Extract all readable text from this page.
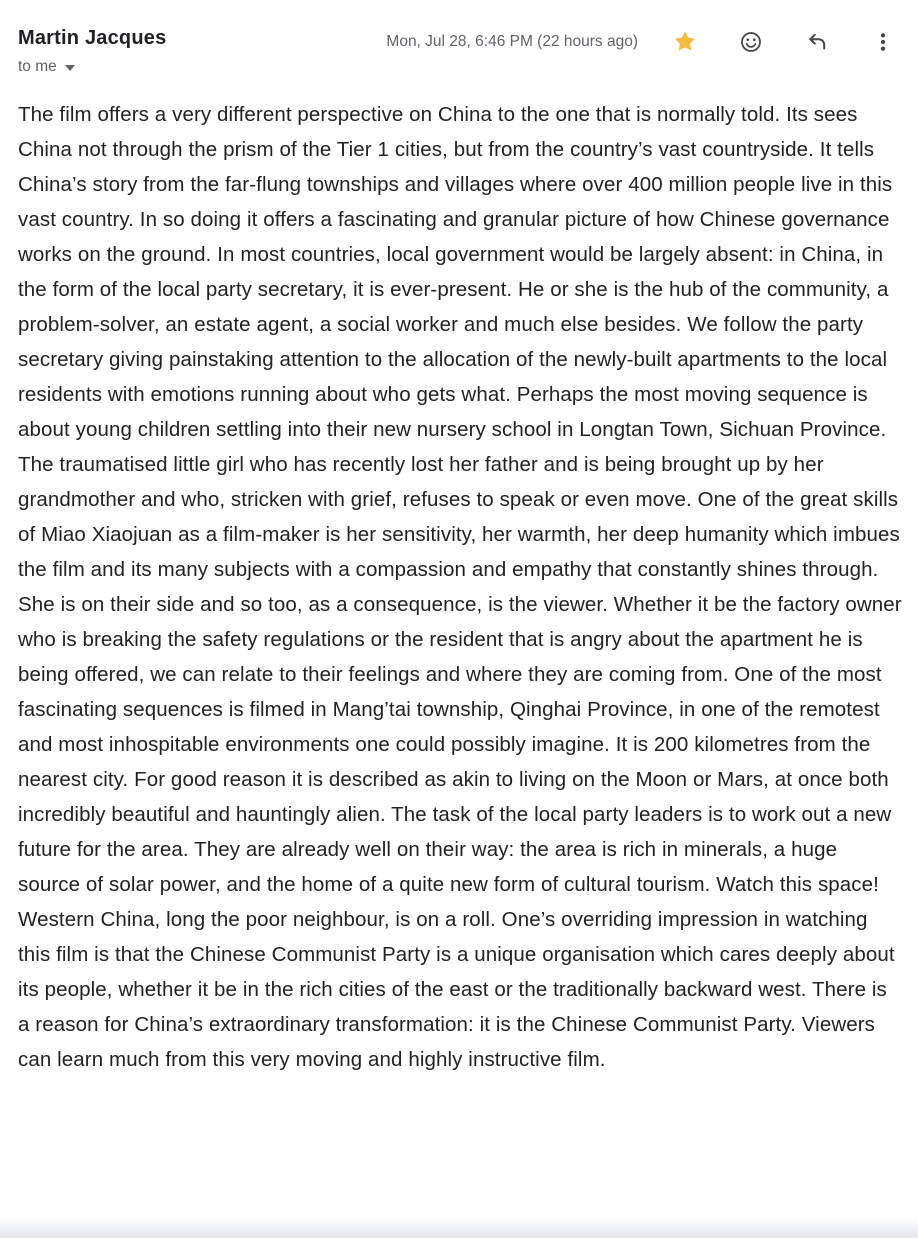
Martin Jacques
to me
Mon, Jul 28, 6:46 PM (22 hours ago)
The film offers a very different perspective on China to the one that is normally told. Its sees China not through the prism of the Tier 1 cities, but from the country’s vast countryside. It tells China’s story from the far-flung townships and villages where over 400 million people live in this vast country. In so doing it offers a fascinating and granular picture of how Chinese governance works on the ground. In most countries, local government would be largely absent: in China, in the form of the local party secretary, it is ever-present. He or she is the hub of the community, a problem-solver, an estate agent, a social worker and much else besides. We follow the party secretary giving painstaking attention to the allocation of the newly-built apartments to the local residents with emotions running about who gets what. Perhaps the most moving sequence is about young children settling into their new nursery school in Longtan Town, Sichuan Province. The traumatised little girl who has recently lost her father and is being brought up by her grandmother and who, stricken with grief, refuses to speak or even move. One of the great skills of Miao Xiaojuan as a film-maker is her sensitivity, her warmth, her deep humanity which imbues the film and its many subjects with a compassion and empathy that constantly shines through. She is on their side and so too, as a consequence, is the viewer. Whether it be the factory owner who is breaking the safety regulations or the resident that is angry about the apartment he is being offered, we can relate to their feelings and where they are coming from. One of the most fascinating sequences is filmed in Mang’tai township, Qinghai Province, in one of the remotest and most inhospitable environments one could possibly imagine. It is 200 kilometres from the nearest city. For good reason it is described as akin to living on the Moon or Mars, at once both incredibly beautiful and hauntingly alien. The task of the local party leaders is to work out a new future for the area. They are already well on their way: the area is rich in minerals, a huge source of solar power, and the home of a quite new form of cultural tourism. Watch this space! Western China, long the poor neighbour, is on a roll. One’s overriding impression in watching this film is that the Chinese Communist Party is a unique organisation which cares deeply about its people, whether it be in the rich cities of the east or the traditionally backward west. There is a reason for China’s extraordinary transformation: it is the Chinese Communist Party. Viewers can learn much from this very moving and highly instructive film.
